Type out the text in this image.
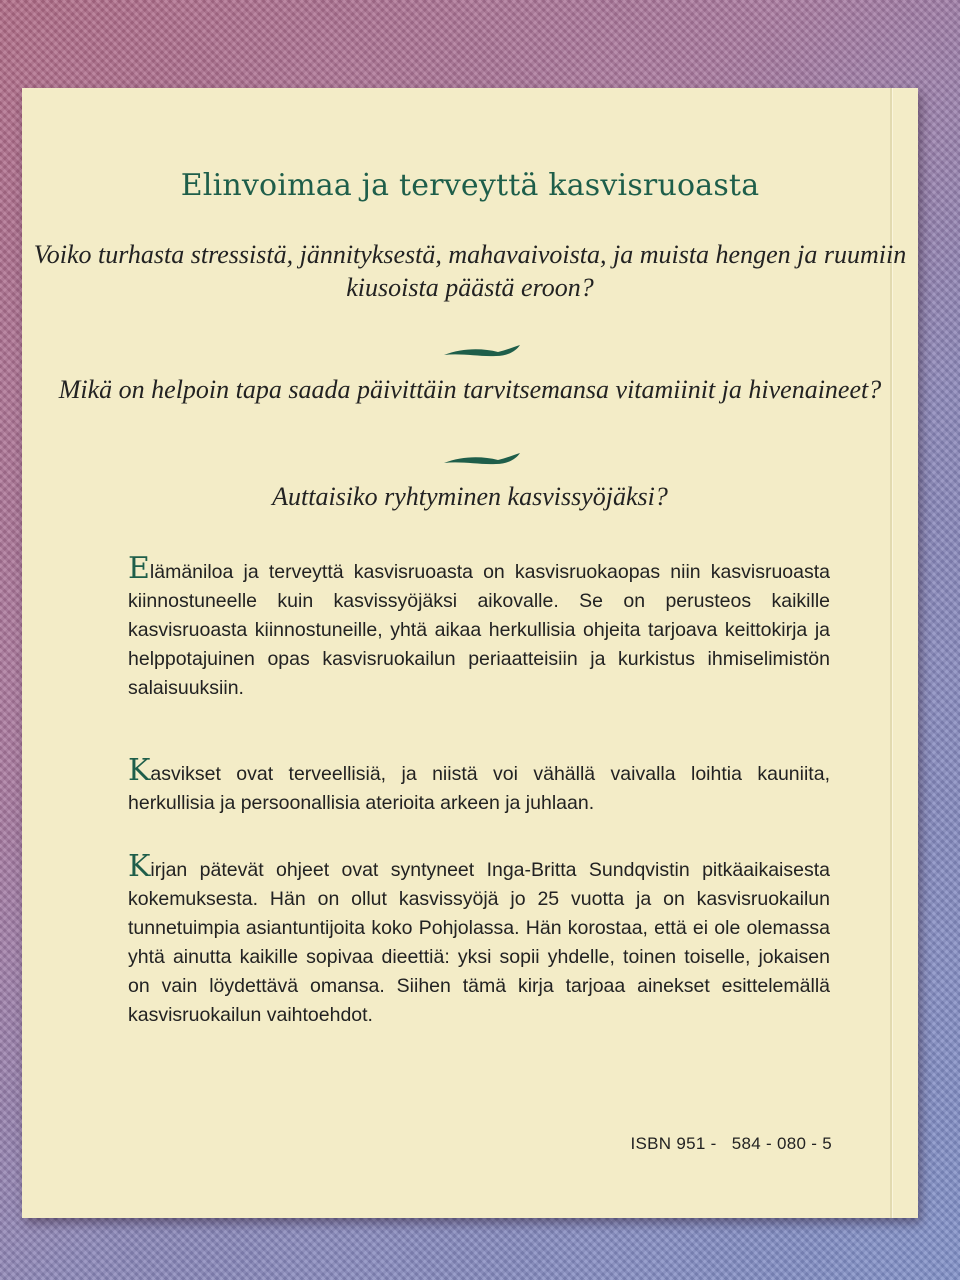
Elinvoimaa ja terveyttä kasvisruoasta
Voiko turhasta stressistä, jännityksestä, mahavaivoista, ja muista hengen ja ruumiin kiusoista päästä eroon?
Mikä on helpoin tapa saada päivittäin tarvitsemansa vitamiinit ja hivenaineet?
Auttaisiko ryhtyminen kasvissyöjäksi?
Elämäniloa ja terveyttä kasvisruoasta on kasvisruokaopas niin kasvisruoasta kiinnostuneelle kuin kasvissyöjäksi aikovalle. Se on perusteos kaikille kasvisruoasta kiinnostuneille, yhtä aikaa herkullisia ohjeita tarjoava keittokirja ja helppotajuinen opas kasvisruokailun periaatteisiin ja kurkistus ihmiselimistön salaisuuksiin.
Kasvikset ovat terveellisiä, ja niistä voi vähällä vaivalla loihtia kauniita, herkullisia ja persoonallisia aterioita arkeen ja juhlaan.
Kirjan pätevät ohjeet ovat syntyneet Inga-Britta Sundqvistin pitkäaikaisesta kokemuksesta. Hän on ollut kasvissyöjä jo 25 vuotta ja on kasvisruokailun tunnetuimpia asiantuntijoita koko Pohjolassa. Hän korostaa, että ei ole olemassa yhtä ainutta kaikille sopivaa dieettiä: yksi sopii yhdelle, toinen toiselle, jokaisen on vain löydettävä omansa. Siihen tämä kirja tarjoaa ainekset esittelemällä kasvisruokailun vaihtoehdot.
ISBN 951 -   584 - 080 - 5
